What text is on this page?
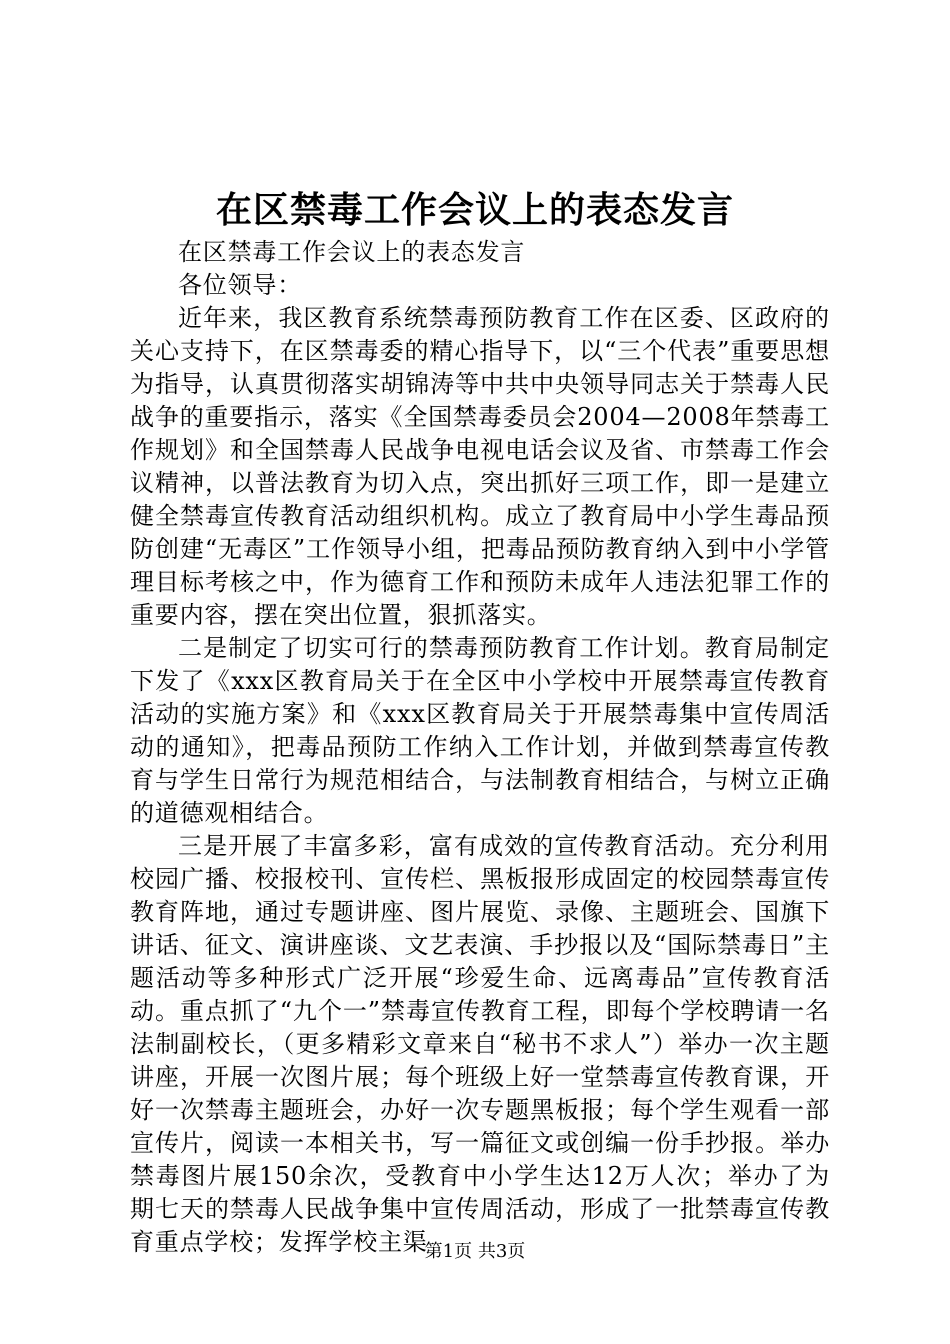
在区禁毒工作会议上的表态发言

在区禁毒工作会议上的表态发言

各位领导：

近年来，我区教育系统禁毒预防教育工作在区委、区政府的关心支持下，在区禁毒委的精心指导下，以“三个代表”重要思想为指导，认真贯彻落实胡锦涛等中共中央领导同志关于禁毒人民战争的重要指示，落实《全国禁毒委员会2004—2008年禁毒工作规划》和全国禁毒人民战争电视电话会议及省、市禁毒工作会议精神，以普法教育为切入点，突出抓好三项工作，即一是建立健全禁毒宣传教育活动组织机构。成立了教育局中小学生毒品预防创建“无毒区”工作领导小组，把毒品预防教育纳入到中小学管理目标考核之中，作为德育工作和预防未成年人违法犯罪工作的重要内容，摆在突出位置，狠抓落实。

二是制定了切实可行的禁毒预防教育工作计划。教育局制定下发了《xxx区教育局关于在全区中小学校中开展禁毒宣传教育活动的实施方案》和《xxx区教育局关于开展禁毒集中宣传周活动的通知》，把毒品预防工作纳入工作计划，并做到禁毒宣传教育与学生日常行为规范相结合，与法制教育相结合，与树立正确的道德观相结合。

三是开展了丰富多彩，富有成效的宣传教育活动。充分利用校园广播、校报校刊、宣传栏、黑板报形成固定的校园禁毒宣传教育阵地，通过专题讲座、图片展览、录像、主题班会、国旗下讲话、征文、演讲座谈、文艺表演、手抄报以及“国际禁毒日”主题活动等多种形式广泛开展“珍爱生命、远离毒品”宣传教育活动。重点抓了“九个一”禁毒宣传教育工程，即每个学校聘请一名法制副校长，（更多精彩文章来自“秘书不求人”）举办一次主题讲座，开展一次图片展；每个班级上好一堂禁毒宣传教育课，开好一次禁毒主题班会，办好一次专题黑板报；每个学生观看一部宣传片，阅读一本相关书，写一篇征文或创编一份手抄报。举办禁毒图片展150余次，受教育中小学生达12万人次；举办了为期七天的禁毒人民战争集中宣传周活动，形成了一批禁毒宣传教育重点学校；发挥学校主渠

第1页 共3页
